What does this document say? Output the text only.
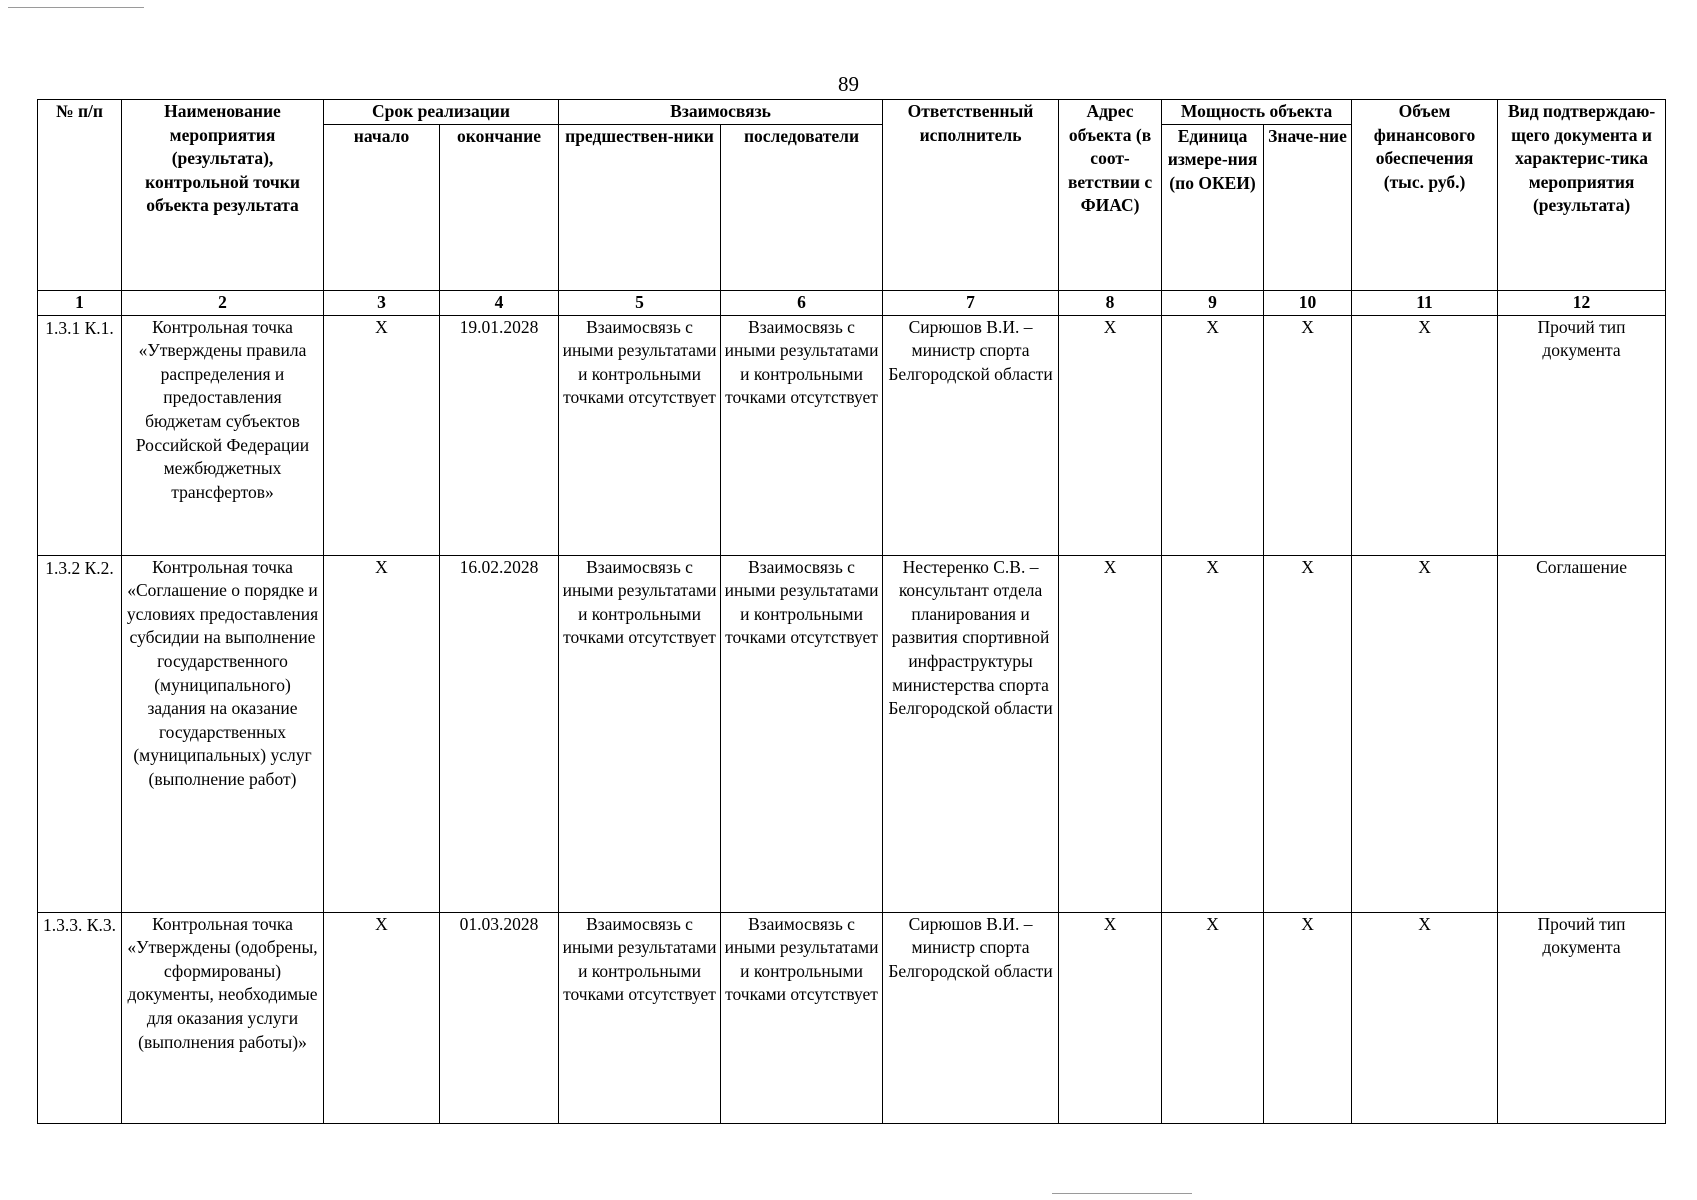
89
№ п/п	Наименование мероприятия (результата), контрольной точки объекта результата	Срок реализации		Взаимосвязь		Ответственный исполнитель	Адрес объекта (в соот-ветствии с ФИАС)	Мощность объекта		Объем финансового обеспечения (тыс. руб.)	Вид подтверждаю-щего документа и характерис-тика мероприятия (результата)
		начало	окончание	предшествен-ники	последователи			Единица измере-ния (по ОКЕИ)	Значе-ние		
1	2	3	4	5	6	7	8	9	10	11	12
1.3.1 К.1.	Контрольная точка «Утверждены правила распределения и предоставления бюджетам субъектов Российской Федерации межбюджетных трансфертов»	X	19.01.2028	Взаимосвязь с иными результатами и контрольными точками отсутствует	Взаимосвязь с иными результатами и контрольными точками отсутствует	Сирюшов В.И. – министр спорта Белгородской области	X	X	X	X	Прочий тип документа
1.3.2 К.2.	Контрольная точка «Соглашение о порядке и условиях предоставления субсидии на выполнение государственного (муниципального) задания на оказание государственных (муниципальных) услуг (выполнение работ)	X	16.02.2028	Взаимосвязь с иными результатами и контрольными точками отсутствует	Взаимосвязь с иными результатами и контрольными точками отсутствует	Нестеренко С.В. – консультант отдела планирования и развития спортивной инфраструктуры министерства спорта Белгородской области	X	X	X	X	Соглашение
1.3.3. К.3.	Контрольная точка «Утверждены (одобрены, сформированы) документы, необходимые для оказания услуги (выполнения работы)»	X	01.03.2028	Взаимосвязь с иными результатами и контрольными точками отсутствует	Взаимосвязь с иными результатами и контрольными точками отсутствует	Сирюшов В.И. – министр спорта Белгородской области	X	X	X	X	Прочий тип документа
